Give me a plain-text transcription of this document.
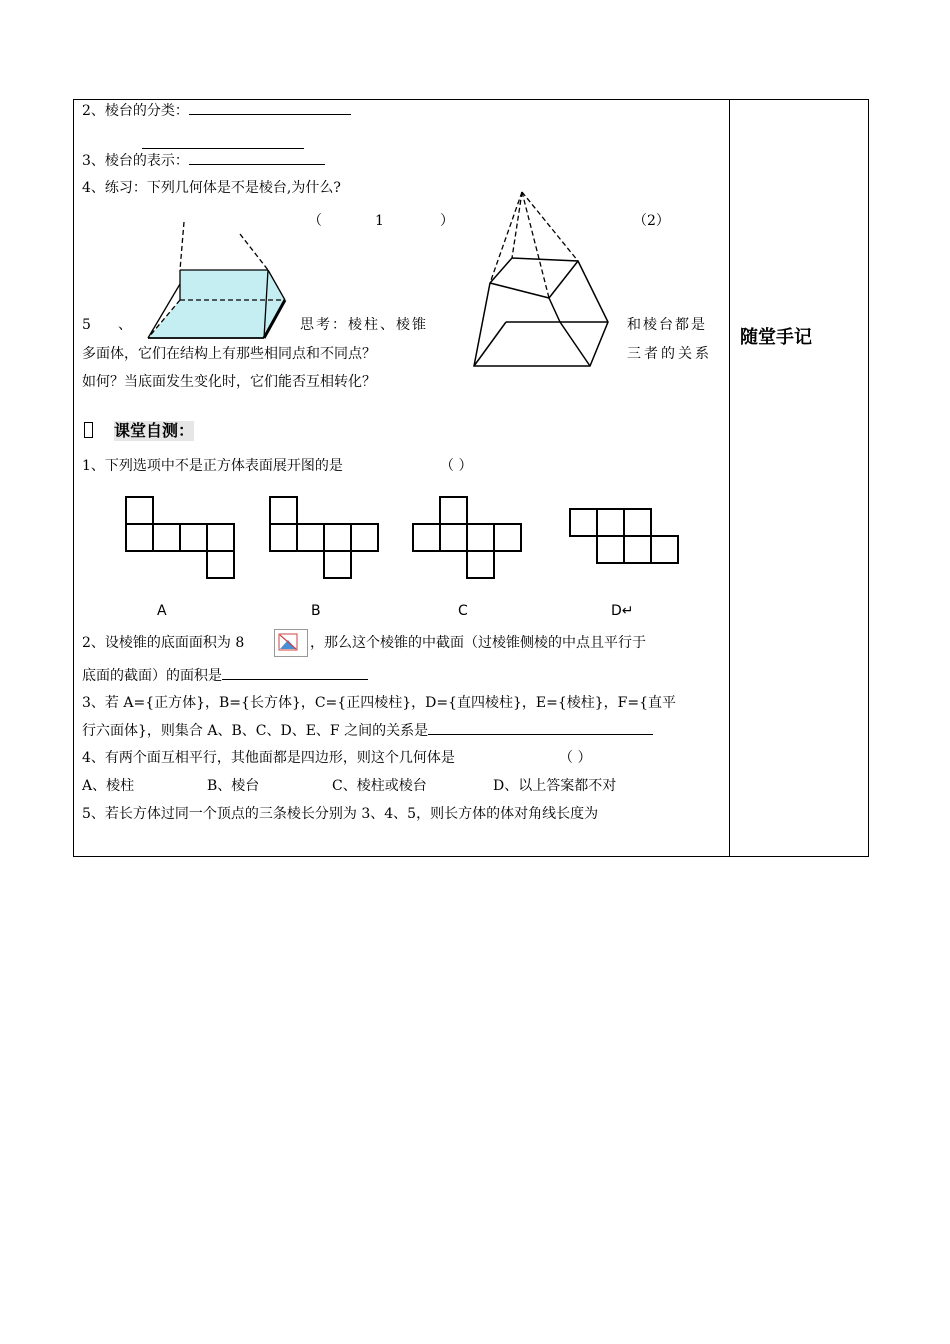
随堂手记
2、棱台的分类：
3、棱台的表示：
4、练习：下列几何体是不是棱台,为什么?
（	1	）	（2）
5 、	思考：棱柱、棱锥	和棱台都是
多面体，它们在结构上有那些相同点和不同点？	三者的关系
如何？当底面发生变化时，它们能否互相转化？
课堂自测：
1、下列选项中不是正方体表面展开图的是	（ ）
A	B	C	D↵
2、设棱锥的底面面积为 8	，那么这个棱锥的中截面（过棱锥侧棱的中点且平行于
底面的截面）的面积是
3、若 A={正方体}，B={长方体}，C={正四棱柱}，D={直四棱柱}，E={棱柱}，F={直平
行六面体}，则集合 A、B、C、D、E、F 之间的关系是
4、有两个面互相平行，其他面都是四边形，则这个几何体是	（ ）
A、棱柱	B、棱台	C、棱柱或棱台	D、以上答案都不对
5、若长方体过同一个顶点的三条棱长分别为 3、4、5，则长方体的体对角线长度为
